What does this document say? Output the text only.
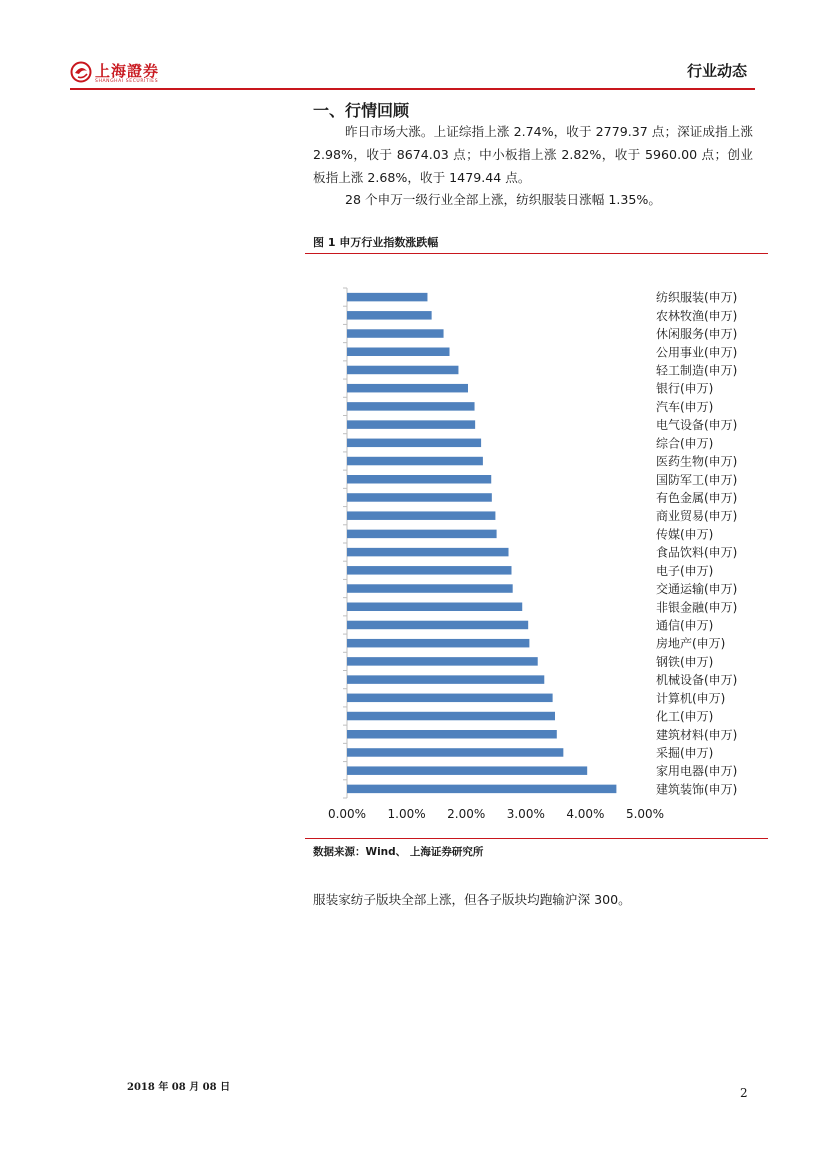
上海證券
SHANGHAI SECURITIES
行业动态
一、行情回顾
昨日市场大涨。上证综指上涨 2.74%，收于 2779.37 点；深证成指上涨 2.98%，收于 8674.03 点；中小板指上涨 2.82%，收于 5960.00 点；创业板指上涨 2.68%，收于 1479.44 点。
28 个申万一级行业全部上涨，纺织服装日涨幅 1.35%。
图 1 申万行业指数涨跌幅
纺织服装(申万)
农林牧渔(申万)
休闲服务(申万)
公用事业(申万)
轻工制造(申万)
银行(申万)
汽车(申万)
电气设备(申万)
综合(申万)
医药生物(申万)
国防军工(申万)
有色金属(申万)
商业贸易(申万)
传媒(申万)
食品饮料(申万)
电子(申万)
交通运输(申万)
非银金融(申万)
通信(申万)
房地产(申万)
钢铁(申万)
机械设备(申万)
计算机(申万)
化工(申万)
建筑材料(申万)
采掘(申万)
家用电器(申万)
建筑装饰(申万)
0.00% 1.00% 2.00% 3.00% 4.00% 5.00%
数据来源：Wind、 上海证券研究所
服装家纺子版块全部上涨，但各子版块均跑输沪深 300。
2018 年 08 月 08 日	2
